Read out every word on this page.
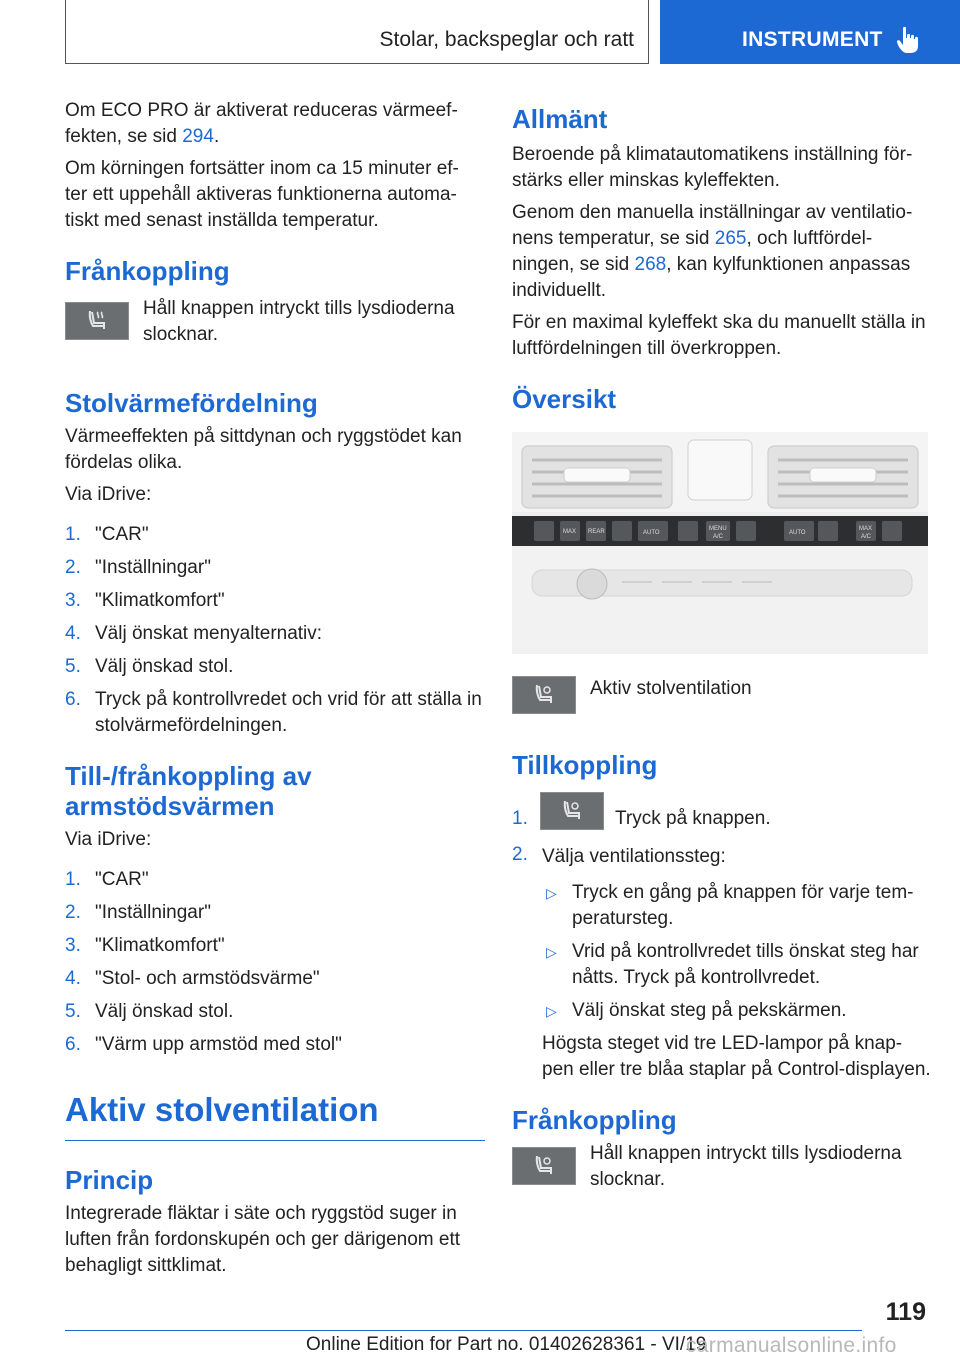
Stolar, backspeglar och ratt	INSTRUMENT

Om ECO PRO är aktiverat reduceras värmeef‐ fekten, se sid 294.

Om körningen fortsätter inom ca 15 minuter ef‐ ter ett uppehåll aktiveras funktionerna automa‐ tiskt med senast inställda temperatur.

Frånkoppling

Håll knappen intryckt tills lysdioderna slocknar.

Stolvärmefördelning

Värmeeffekten på sittdynan och ryggstödet kan fördelas olika.

Via iDrive:

1. "CAR"
2. "Inställningar"
3. "Klimatkomfort"
4. Välj önskat menyalternativ:
5. Välj önskad stol.
6. Tryck på kontrollvredet och vrid för att ställa in stolvärmefördelningen.
Till-/frånkoppling av armstödsvärmen

Via iDrive:

1. "CAR"
2. "Inställningar"
3. "Klimatkomfort"
4. "Stol- och armstödsvärme"
5. Välj önskad stol.
6. "Värm upp armstöd med stol"
Aktiv stolventilation
Princip

Integrerade fläktar i säte och ryggstöd suger in luften från fordonskupén och ger därigenom ett behagligt sittklimat.

Allmänt

Beroende på klimatautomatikens inställning för‐ stärks eller minskas kyleffekten.

Genom den manuella inställningar av ventilatio‐ nens temperatur, se sid 265, och luftfördel‐ ningen, se sid 268, kan kylfunktionen anpassas individuellt.

För en maximal kyleffekt ska du manuellt ställa in luftfördelningen till överkroppen.

Översikt
MAX REAR	AUTO
MENU
A/C
AUTO
MAX
A/C

Aktiv stolventilation

Tillkoppling
1.	Tryck på knappen.
2. Välja ventilationssteg:

▷ Tryck en gång på knappen för varje tem‐ peratursteg.
▷ Vrid på kontrollvredet tills önskat steg har nåtts. Tryck på kontrollvredet.
▷ Välj önskat steg på pekskärmen.

Högsta steget vid tre LED-lampor på knap‐ pen eller tre blåa staplar på Control-displayen.

Frånkoppling

Håll knappen intryckt tills lysdioderna slocknar.

119
Online Edition for Part no. 01402628361 - VI/19
carmanualsonline.info
